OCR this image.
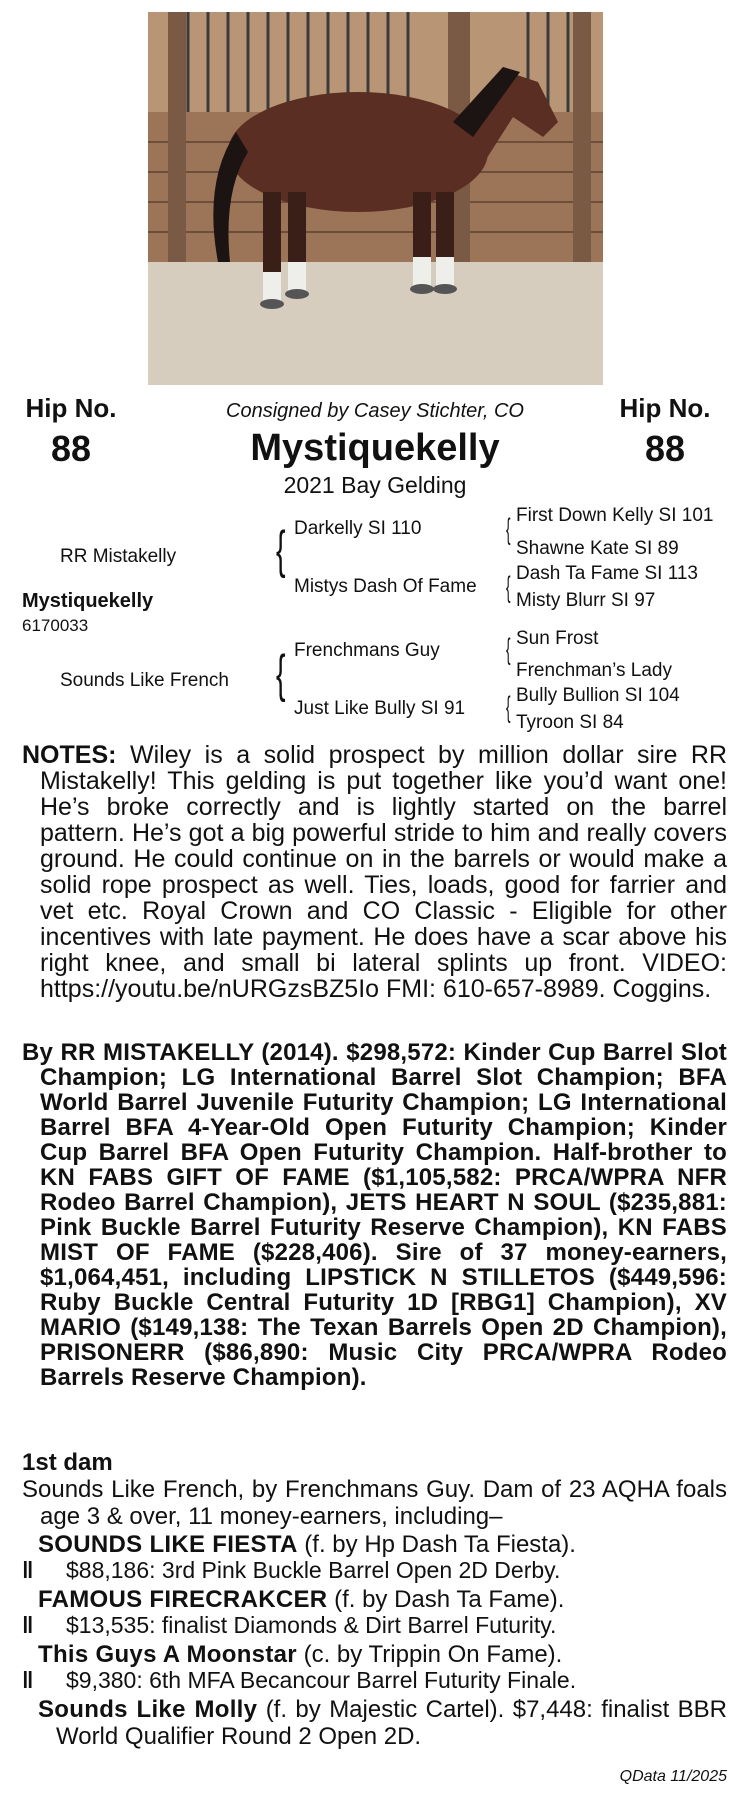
Hip No.
88
Hip No.
88
Consigned by Casey Stichter, CO
Mystiquekelly
2021 Bay Gelding
RR Mistakelly
Mystiquekelly
6170033
Sounds Like French
{
{
Darkelly SI 110
Mistys Dash Of Fame
Frenchmans Guy
Just Like Bully SI 91
{
{
{
{
First Down Kelly SI 101
Shawne Kate SI 89
Dash Ta Fame SI 113
Misty Blurr SI 97
Sun Frost
Frenchman’s Lady
Bully Bullion SI 104
Tyroon SI 84
NOTES: Wiley is a solid prospect by million dollar sire RR Mistakelly! This gelding is put together like you’d want one! He’s broke correctly and is lightly started on the barrel pattern. He’s got a big powerful stride to him and really covers ground. He could continue on in the barrels or would make a solid rope prospect as well. Ties, loads, good for farrier and vet etc. Royal Crown and CO Classic - Eligible for other incentives with late payment. He does have a scar above his right knee, and small bi lateral splints up front. VIDEO: https://youtu.be/nURGzsBZ5Io FMI: 610-657-8989. Coggins.
By RR MISTAKELLY (2014). $298,572: Kinder Cup Barrel Slot Champion; LG International Barrel Slot Champion; BFA World Barrel Juvenile Futurity Champion; LG International Barrel BFA 4-Year-Old Open Futurity Champion; Kinder Cup Barrel BFA Open Futurity Champion. Half-brother to KN FABS GIFT OF FAME ($1,105,582: PRCA/WPRA NFR Rodeo Barrel Champion), JETS HEART N SOUL ($235,881: Pink Buckle Barrel Futurity Reserve Champion), KN FABS MIST OF FAME ($228,406). Sire of 37 money-earners, $1,064,451, including LIPSTICK N STILLETOS ($449,596: Ruby Buckle Central Futurity 1D [RBG1] Champion), XV MARIO ($149,138: The Texan Barrels Open 2D Champion), PRISONERR ($86,890: Music City PRCA/WPRA Rodeo Barrels Reserve Champion).
1st dam
Sounds Like French, by Frenchmans Guy. Dam of 23 AQHA foals age 3 & over, 11 money-earners, including–
SOUNDS LIKE FIESTA (f. by Hp Dash Ta Fiesta).
‖ $88,186: 3rd Pink Buckle Barrel Open 2D Derby.
FAMOUS FIRECRAKCER (f. by Dash Ta Fame).
‖ $13,535: finalist Diamonds & Dirt Barrel Futurity.
This Guys A Moonstar (c. by Trippin On Fame).
‖ $9,380: 6th MFA Becancour Barrel Futurity Finale.
Sounds Like Molly (f. by Majestic Cartel). $7,448: finalist BBR World Qualifier Round 2 Open 2D.
QData 11/2025
